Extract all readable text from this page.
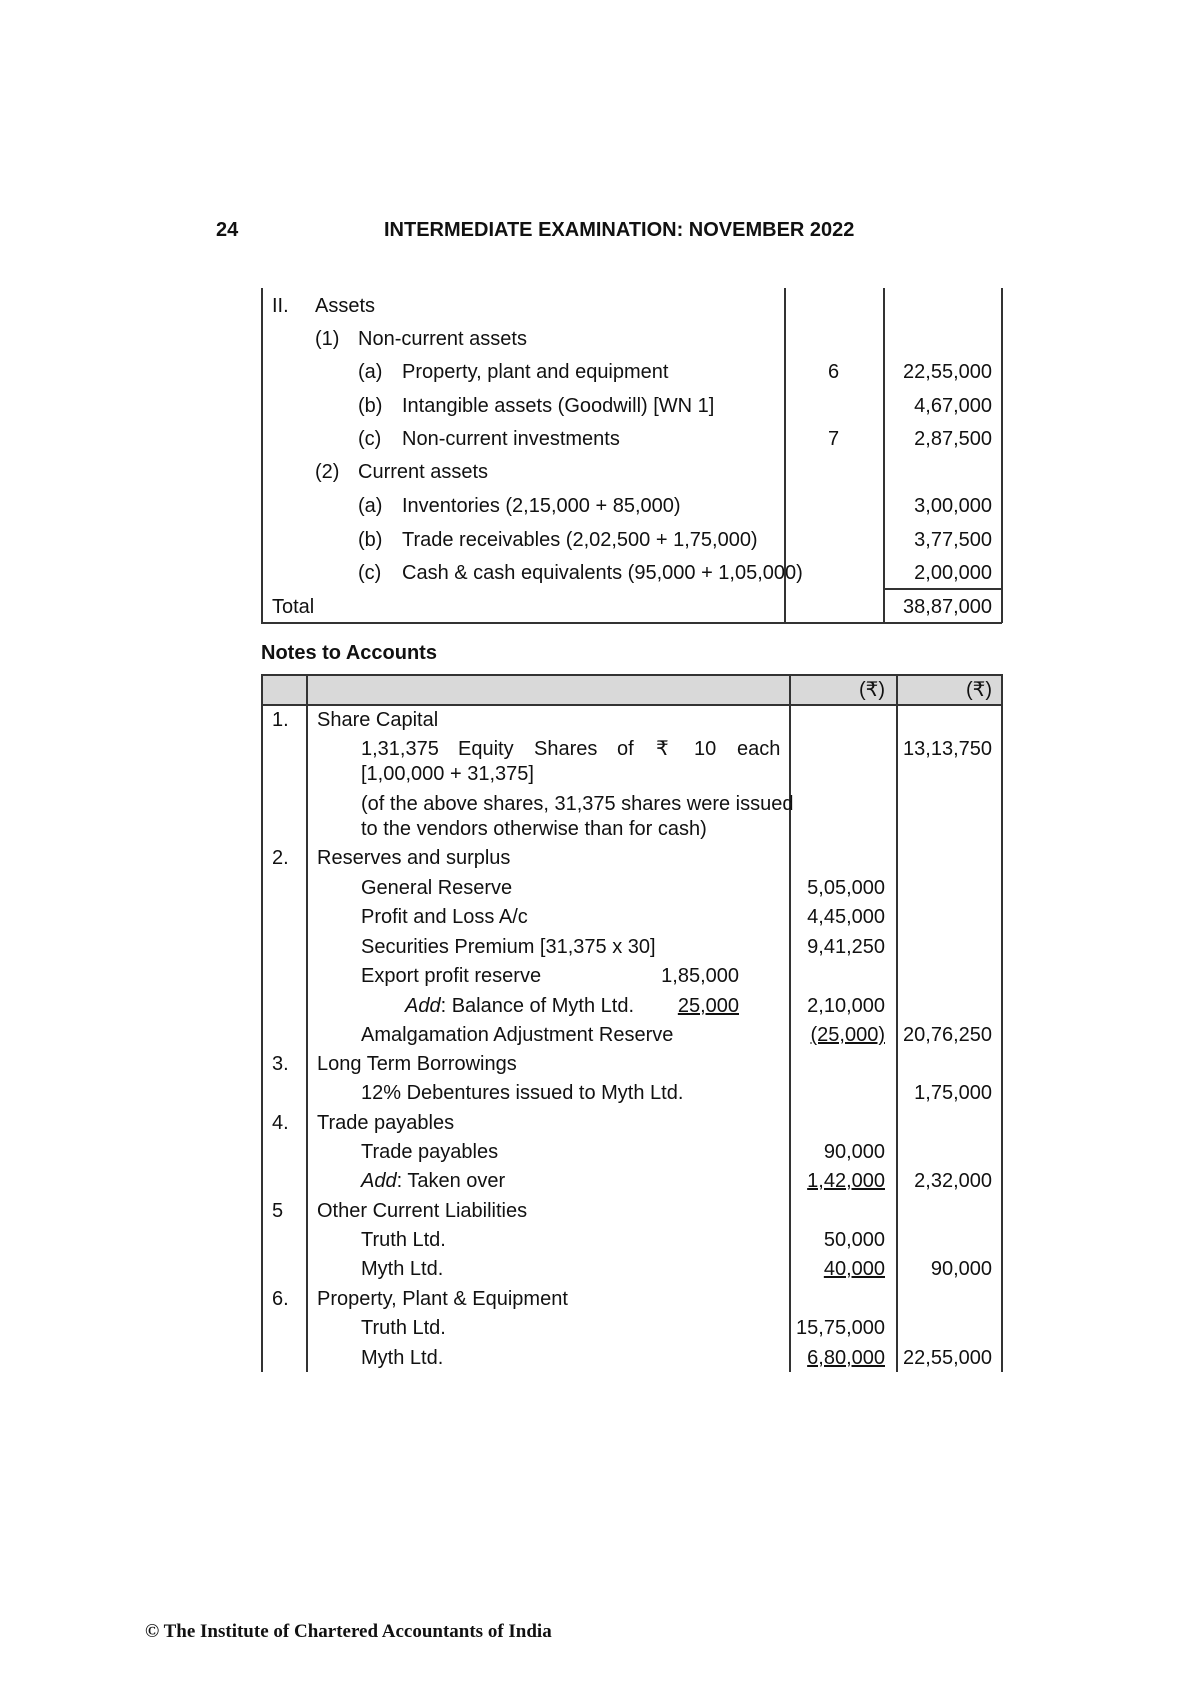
24	INTERMEDIATE EXAMINATION: NOVEMBER 2022
II. Assets
(1) Non-current assets
(a) Property, plant and equipment	6	22,55,000
(b) Intangible assets (Goodwill) [WN 1]	4,67,000
(c) Non-current investments	7	2,87,500
(2) Current assets
(a) Inventories (2,15,000 + 85,000)	3,00,000
(b) Trade receivables (2,02,500 + 1,75,000)	3,77,500
(c) Cash & cash equivalents (95,000 + 1,05,000)	2,00,000
Total	38,87,000
Notes to Accounts
(₹)	(₹)
1. Share Capital
1,31,375 Equity Shares of ₹ 10 each	13,13,750
[1,00,000 + 31,375]
(of the above shares, 31,375 shares were issued
to the vendors otherwise than for cash)
2. Reserves and surplus
General Reserve	5,05,000
Profit and Loss A/c	4,45,000
Securities Premium [31,375 x 30]	9,41,250
Export profit reserve	1,85,000
Add: Balance of Myth Ltd.	25,000	2,10,000
Amalgamation Adjustment Reserve	(25,000) 20,76,250
3. Long Term Borrowings
12% Debentures issued to Myth Ltd.	1,75,000
4. Trade payables
Trade payables	90,000
Add: Taken over	1,42,000	2,32,000
5 Other Current Liabilities
Truth Ltd.	50,000
Myth Ltd.	40,000	90,000
6. Property, Plant & Equipment
Truth Ltd.	15,75,000
Myth Ltd.	6,80,000 22,55,000
© The Institute of Chartered Accountants of India
